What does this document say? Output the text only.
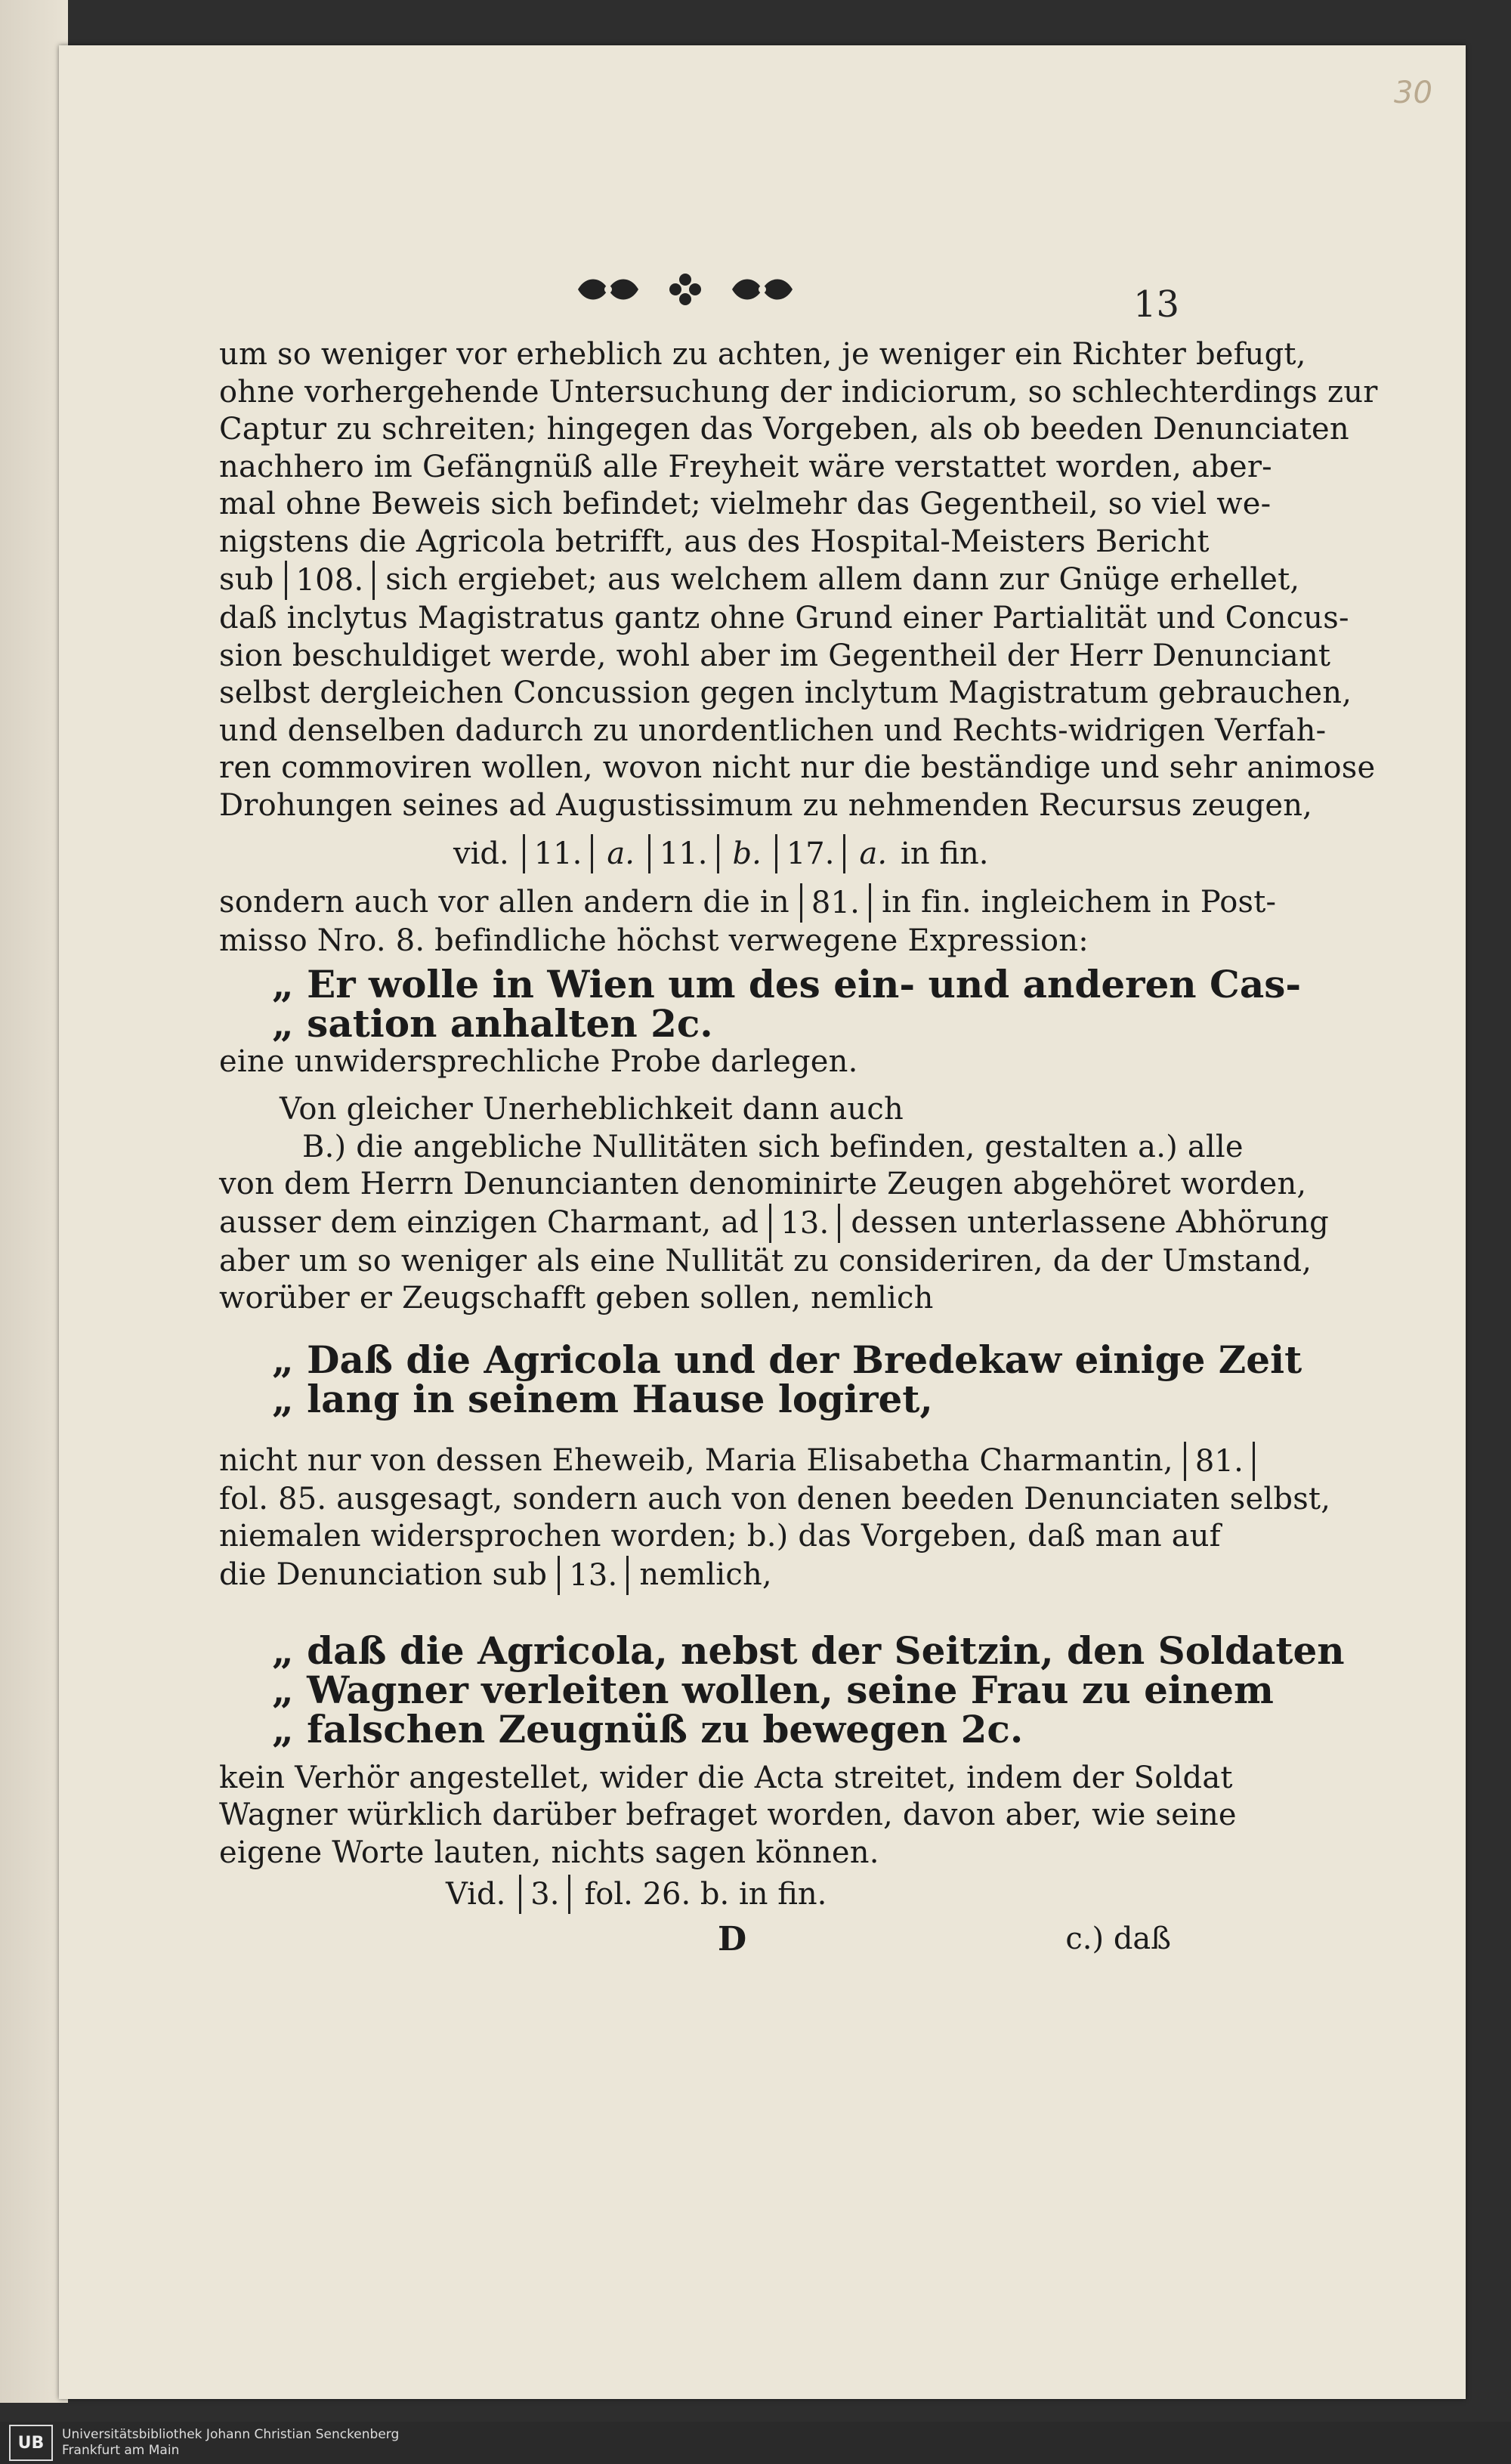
30
13
um so weniger vor erheblich zu achten, je weniger ein Richter befugt,
ohne vorhergehende Untersuchung der indiciorum, so schlechterdings zur
Captur zu schreiten; hingegen das Vorgeben, als ob beeden Denunciaten
nachhero im Gefängnüß alle Freyheit wäre verstattet worden, aber-
mal ohne Beweis sich befindet; vielmehr das Gegentheil, so viel we-
nigstens die Agricola betrifft, aus des Hospital-Meisters Bericht
sub 108. sich ergiebet; aus welchem allem dann zur Gnüge erhellet,
daß inclytus Magistratus gantz ohne Grund einer Partialität und Concus-
sion beschuldiget werde, wohl aber im Gegentheil der Herr Denunciant
selbst dergleichen Concussion gegen inclytum Magistratum gebrauchen,
und denselben dadurch zu unordentlichen und Rechts-widrigen Verfah-
ren commoviren wollen, wovon nicht nur die beständige und sehr animose
Drohungen seines ad Augustissimum zu nehmenden Recursus zeugen,
vid. 11. a. 11. b. 17. a. in fin.
sondern auch vor allen andern die in 81. in fin. ingleichem in Post-
misso Nro. 8. befindliche höchst verwegene Expression:
„ Er wolle in Wien um des ein- und anderen Cas-
„ sation anhalten 2c.
eine unwidersprechliche Probe darlegen.
Von gleicher Unerheblichkeit dann auch
B.) die angebliche Nullitäten sich befinden, gestalten a.) alle
von dem Herrn Denuncianten denominirte Zeugen abgehöret worden,
ausser dem einzigen Charmant, ad 13. dessen unterlassene Abhörung
aber um so weniger als eine Nullität zu consideriren, da der Umstand,
worüber er Zeugschafft geben sollen, nemlich
„ Daß die Agricola und der Bredekaw einige Zeit
„ lang in seinem Hause logiret,
nicht nur von dessen Eheweib, Maria Elisabetha Charmantin, 81.
fol. 85. ausgesagt, sondern auch von denen beeden Denunciaten selbst,
niemalen widersprochen worden; b.) das Vorgeben, daß man auf
die Denunciation sub 13. nemlich,
„ daß die Agricola, nebst der Seitzin, den Soldaten
„ Wagner verleiten wollen, seine Frau zu einem
„ falschen Zeugnüß zu bewegen 2c.
kein Verhör angestellet, wider die Acta streitet, indem der Soldat
Wagner würklich darüber befraget worden, davon aber, wie seine
eigene Worte lauten, nichts sagen können.
Vid. 3. fol. 26. b. in fin.
D	c.) daß
UB	Universitätsbibliothek Johann Christian Senckenberg
Frankfurt am Main
